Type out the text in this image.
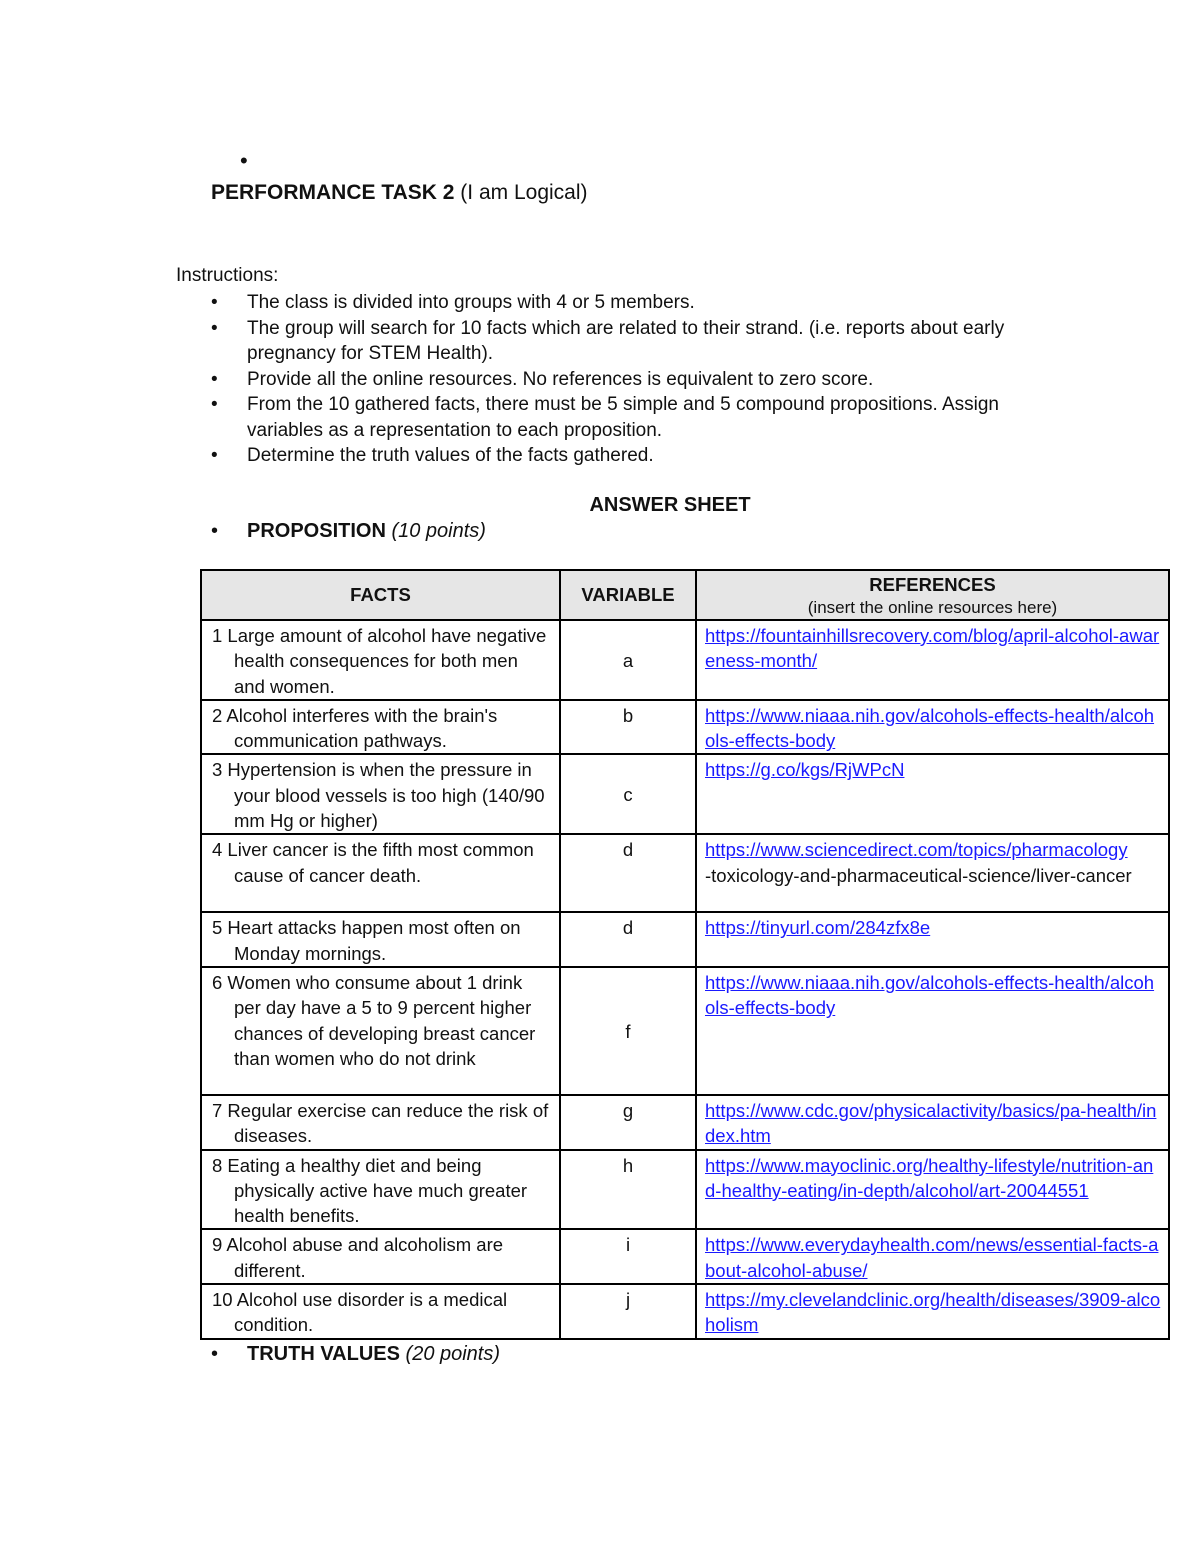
•
PERFORMANCE TASK 2 (I am Logical)
Instructions:
• The class is divided into groups with 4 or 5 members.
• The group will search for 10 facts which are related to their strand. (i.e. reports about early pregnancy for STEM Health).
• Provide all the online resources. No references is equivalent to zero score.
• From the 10 gathered facts, there must be 5 simple and 5 compound propositions. Assign variables as a representation to each proposition.
• Determine the truth values of the facts gathered.
ANSWER SHEET
• PROPOSITION (10 points)
FACTS	VARIABLE	REFERENCES
(insert the online resources here)

1 Large amount of alcohol have negative health consequences for both men and women.	a	https://fountainhillsrecovery.com/blog/april-alcohol-awareness-month/

2 Alcohol interferes with the brain's communication pathways.	b	https://www.niaaa.nih.gov/alcohols-effects-health/alcohols-effects-body

3 Hypertension is when the pressure in your blood vessels is too high (140/90 mm Hg or higher)	c	https://g.co/kgs/RjWPcN

4 Liver cancer is the fifth most common cause of cancer death.	d	https://www.sciencedirect.com/topics/pharmacology
-toxicology-and-pharmaceutical-science/liver-cancer

5 Heart attacks happen most often on Monday mornings.	d	https://tinyurl.com/284zfx8e

6 Women who consume about 1 drink per day have a 5 to 9 percent higher chances of developing breast cancer than women who do not drink	f	https://www.niaaa.nih.gov/alcohols-effects-health/alcohols-effects-body

7 Regular exercise can reduce the risk of diseases.	g	https://www.cdc.gov/physicalactivity/basics/pa-health/index.htm

8 Eating a healthy diet and being physically active have much greater health benefits.	h	https://www.mayoclinic.org/healthy-lifestyle/nutrition-and-healthy-eating/in-depth/alcohol/art-20044551

9 Alcohol abuse and alcoholism are different.	i	https://www.everydayhealth.com/news/essential-facts-about-alcohol-abuse/

10 Alcohol use disorder is a medical condition.	j	https://my.clevelandclinic.org/health/diseases/3909-alcoholism
• TRUTH VALUES (20 points)
